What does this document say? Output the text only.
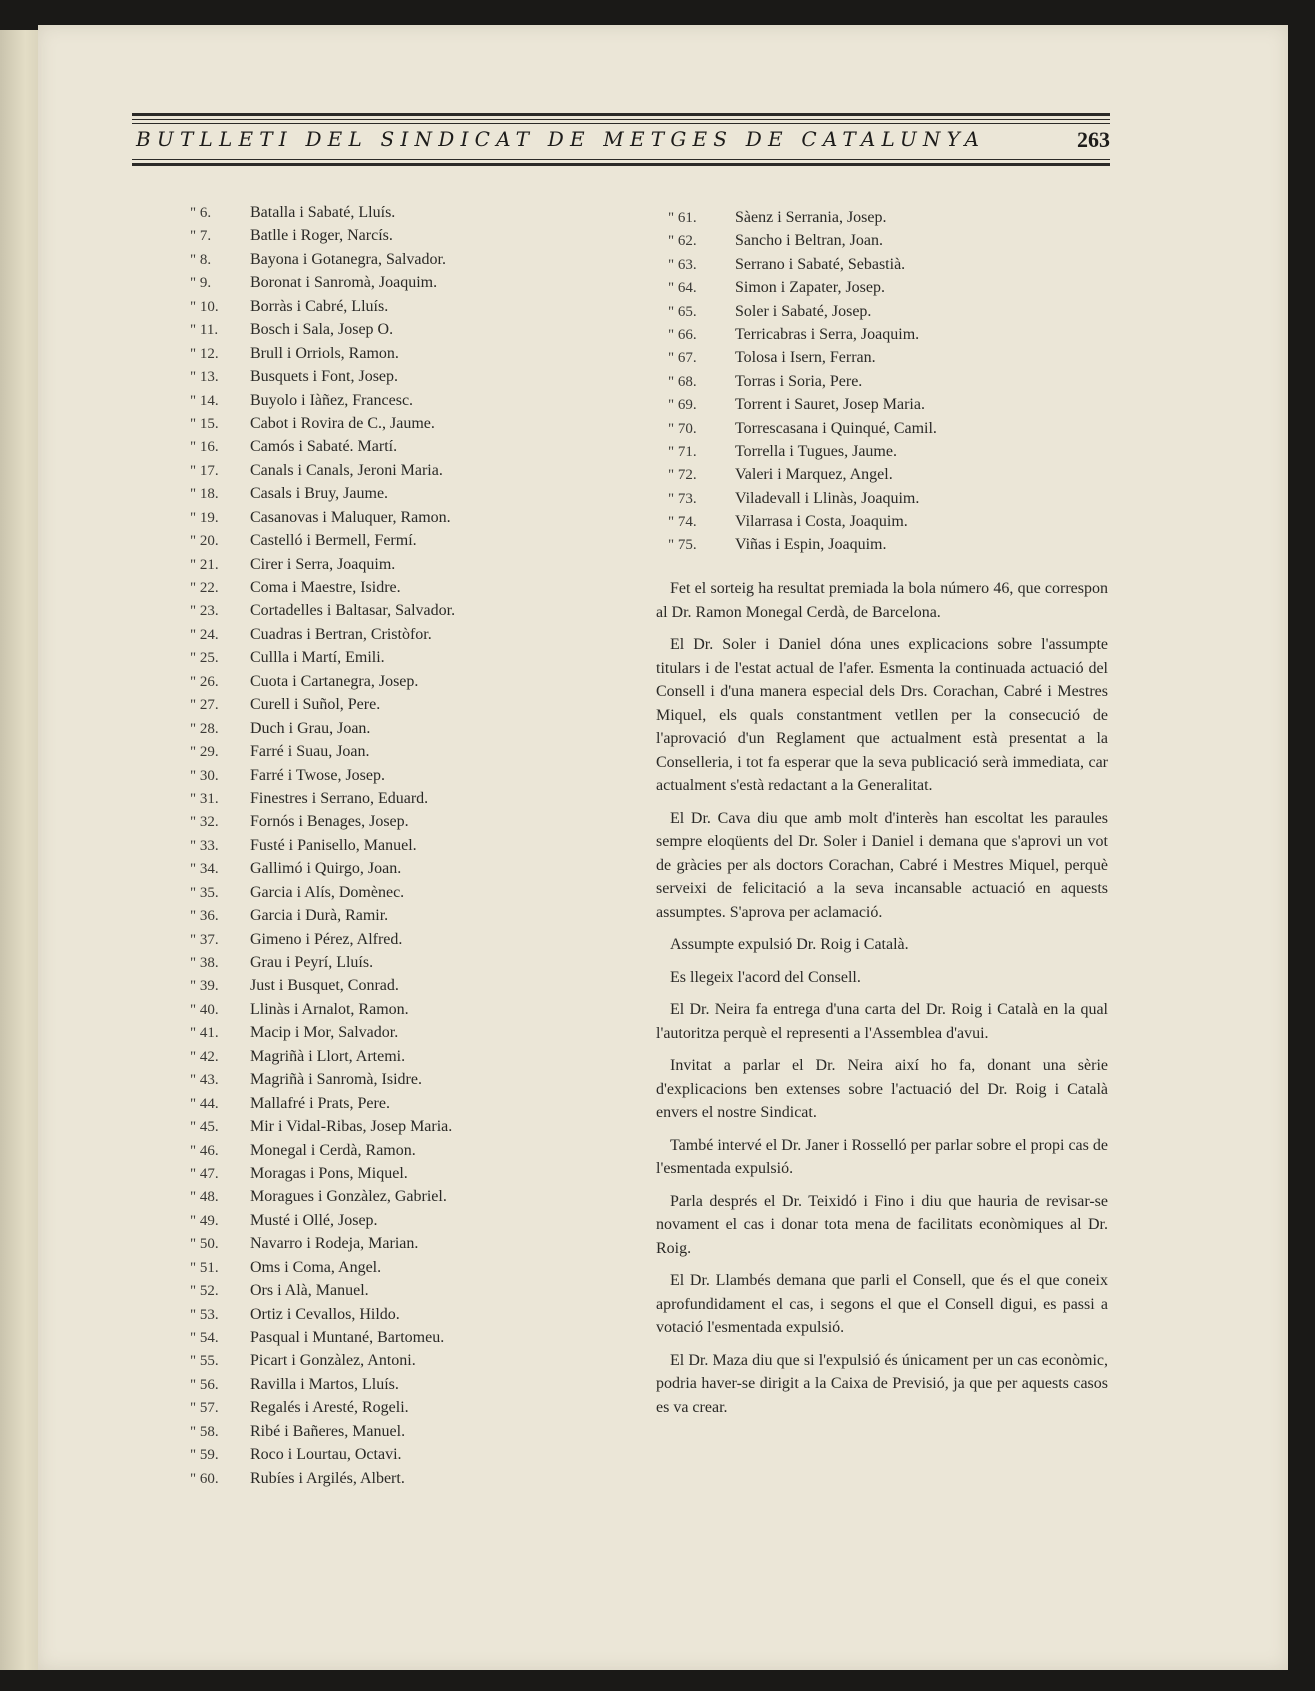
BUTLLETI DEL SINDICAT DE METGES DE CATALUNYA	263
" 6. Batalla i Sabaté, Lluís.
" 7. Batlle i Roger, Narcís.
" 8. Bayona i Gotanegra, Salvador.
" 9. Boronat i Sanromà, Joaquim.
" 10. Borràs i Cabré, Lluís.
" 11. Bosch i Sala, Josep O.
" 12. Brull i Orriols, Ramon.
" 13. Busquets i Font, Josep.
" 14. Buyolo i Iàñez, Francesc.
" 15. Cabot i Rovira de C., Jaume.
" 16. Camós i Sabaté. Martí.
" 17. Canals i Canals, Jeroni Maria.
" 18. Casals i Bruy, Jaume.
" 19. Casanovas i Maluquer, Ramon.
" 20. Castelló i Bermell, Fermí.
" 21. Cirer i Serra, Joaquim.
" 22. Coma i Maestre, Isidre.
" 23. Cortadelles i Baltasar, Salvador.
" 24. Cuadras i Bertran, Cristòfor.
" 25. Cullla i Martí, Emili.
" 26. Cuota i Cartanegra, Josep.
" 27. Curell i Suñol, Pere.
" 28. Duch i Grau, Joan.
" 29. Farré i Suau, Joan.
" 30. Farré i Twose, Josep.
" 31. Finestres i Serrano, Eduard.
" 32. Fornós i Benages, Josep.
" 33. Fusté i Panisello, Manuel.
" 34. Gallimó i Quirgo, Joan.
" 35. Garcia i Alís, Domènec.
" 36. Garcia i Durà, Ramir.
" 37. Gimeno i Pérez, Alfred.
" 38. Grau i Peyrí, Lluís.
" 39. Just i Busquet, Conrad.
" 40. Llinàs i Arnalot, Ramon.
" 41. Macip i Mor, Salvador.
" 42. Magriñà i Llort, Artemi.
" 43. Magriñà i Sanromà, Isidre.
" 44. Mallafré i Prats, Pere.
" 45. Mir i Vidal-Ribas, Josep Maria.
" 46. Monegal i Cerdà, Ramon.
" 47. Moragas i Pons, Miquel.
" 48. Moragues i Gonzàlez, Gabriel.
" 49. Musté i Ollé, Josep.
" 50. Navarro i Rodeja, Marian.
" 51. Oms i Coma, Angel.
" 52. Ors i Alà, Manuel.
" 53. Ortiz i Cevallos, Hildo.
" 54. Pasqual i Muntané, Bartomeu.
" 55. Picart i Gonzàlez, Antoni.
" 56. Ravilla i Martos, Lluís.
" 57. Regalés i Aresté, Rogeli.
" 58. Ribé i Bañeres, Manuel.
" 59. Roco i Lourtau, Octavi.
" 60. Rubíes i Argilés, Albert.
" 61. Sàenz i Serrania, Josep.
" 62. Sancho i Beltran, Joan.
" 63. Serrano i Sabaté, Sebastià.
" 64. Simon i Zapater, Josep.
" 65. Soler i Sabaté, Josep.
" 66. Terricabras i Serra, Joaquim.
" 67. Tolosa i Isern, Ferran.
" 68. Torras i Soria, Pere.
" 69. Torrent i Sauret, Josep Maria.
" 70. Torrescasana i Quinqué, Camil.
" 71. Torrella i Tugues, Jaume.
" 72. Valeri i Marquez, Angel.
" 73. Viladevall i Llinàs, Joaquim.
" 74. Vilarrasa i Costa, Joaquim.
" 75. Viñas i Espin, Joaquim.

Fet el sorteig ha resultat premiada la bola número 46, que correspon al Dr. Ramon Monegal Cerdà, de Barcelona.

El Dr. Soler i Daniel dóna unes explicacions sobre l'assumpte titulars i de l'estat actual de l'afer. Esmenta la continuada actuació del Consell i d'una manera especial dels Drs. Corachan, Cabré i Mestres Miquel, els quals constantment vetllen per la consecució de l'aprovació d'un Reglament que actualment està presentat a la Conselleria, i tot fa esperar que la seva publicació serà immediata, car actualment s'està redactant a la Generalitat.

El Dr. Cava diu que amb molt d'interès han escoltat les paraules sempre eloqüents del Dr. Soler i Daniel i demana que s'aprovi un vot de gràcies per als doctors Corachan, Cabré i Mestres Miquel, perquè serveixi de felicitació a la seva incansable actuació en aquests assumptes. S'aprova per aclamació.

Assumpte expulsió Dr. Roig i Català.

Es llegeix l'acord del Consell.

El Dr. Neira fa entrega d'una carta del Dr. Roig i Català en la qual l'autoritza perquè el representi a l'Assemblea d'avui.

Invitat a parlar el Dr. Neira així ho fa, donant una sèrie d'explicacions ben extenses sobre l'actuació del Dr. Roig i Català envers el nostre Sindicat.

També intervé el Dr. Janer i Rosselló per parlar sobre el propi cas de l'esmentada expulsió.

Parla després el Dr. Teixidó i Fino i diu que hauria de revisar-se novament el cas i donar tota mena de facilitats econòmiques al Dr. Roig.

El Dr. Llambés demana que parli el Consell, que és el que coneix aprofundidament el cas, i segons el que el Consell digui, es passi a votació l'esmentada expulsió.

El Dr. Maza diu que si l'expulsió és únicament per un cas econòmic, podria haver-se dirigit a la Caixa de Previsió, ja que per aquests casos es va crear.
